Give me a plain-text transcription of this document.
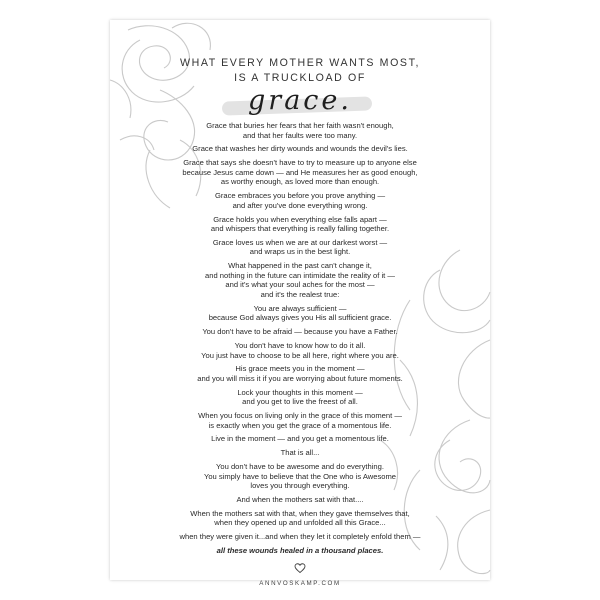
WHAT EVERY MOTHER WANTS MOST,
IS A TRUCKLOAD OF
grace.
Grace that buries her fears that her faith wasn't enough,
and that her faults were too many.
Grace that washes her dirty wounds and wounds the devil's lies.
Grace that says she doesn't have to try to measure up to anyone else
because Jesus came down — and He measures her as good enough,
as worthy enough, as loved more than enough.
Grace embraces you before you prove anything —
and after you've done everything wrong.
Grace holds you when everything else falls apart —
and whispers that everything is really falling together.
Grace loves us when we are at our darkest worst —
and wraps us in the best light.
What happened in the past can't change it,
and nothing in the future can intimidate the reality of it —
and it's what your soul aches for the most —
and it's the realest true:
You are always sufficient —
because God always gives you His all sufficient grace.
You don't have to be afraid — because you have a Father.
You don't have to know how to do it all.
You just have to choose to be all here, right where you are.
His grace meets you in the moment —
and you will miss it if you are worrying about future moments.
Lock your thoughts in this moment —
and you get to live the freest of all.
When you focus on living only in the grace of this moment —
is exactly when you get the grace of a momentous life.
Live in the moment — and you get a momentous life.
That is all...
You don't have to be awesome and do everything.
You simply have to believe that the One who is Awesome
loves you through everything.
And when the mothers sat with that....
When the mothers sat with that, when they gave themselves that,
when they opened up and unfolded all this Grace...
when they were given it...and when they let it completely enfold them —
all these wounds healed in a thousand places.
ANNVOSKAMP.COM
